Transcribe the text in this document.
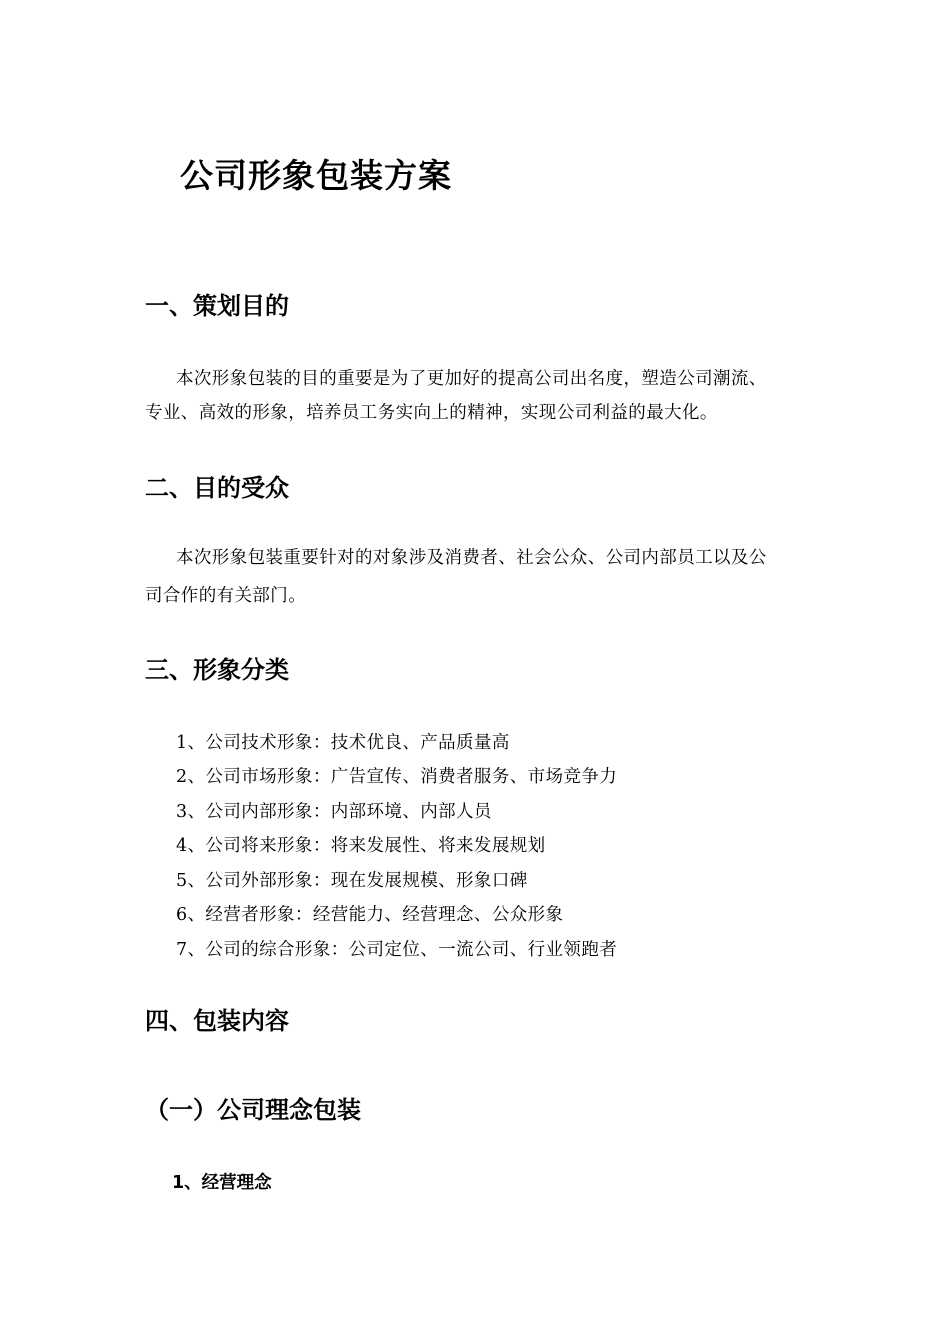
公司形象包装方案
一、策划目的
本次形象包装的目的重要是为了更加好的提高公司出名度，塑造公司潮流、
专业、高效的形象，培养员工务实向上的精神，实现公司利益的最大化。
二、目的受众
本次形象包装重要针对的对象涉及消费者、社会公众、公司内部员工以及公
司合作的有关部门。
三、形象分类
1、公司技术形象：技术优良、产品质量高
2、公司市场形象：广告宣传、消费者服务、市场竞争力
3、公司内部形象：内部环境、内部人员
4、公司将来形象：将来发展性、将来发展规划
5、公司外部形象：现在发展规模、形象口碑
6、经营者形象：经营能力、经营理念、公众形象
7、公司的综合形象：公司定位、一流公司、行业领跑者
四、包装内容
（一）公司理念包装
1、经营理念
